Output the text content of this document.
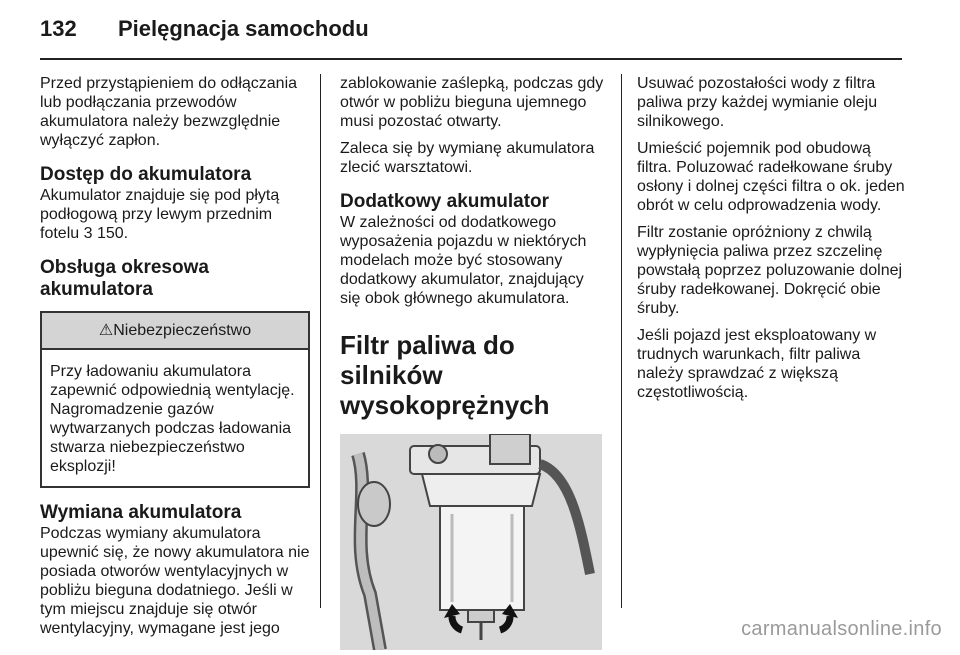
132 Pielęgnacja samochodu

Przed przystąpieniem do odłączania lub podłączania przewodów akumulatora należy bezwzględnie wyłączyć zapłon.

Dostęp do akumulatora

Akumulator znajduje się pod płytą podłogową przy lewym przednim fotelu 3 150.

Obsługa okresowa akumulatora
⚠Niebezpieczeństwo
Przy ładowaniu akumulatora zapewnić odpowiednią wentylację. Nagromadzenie gazów wytwarzanych podczas ładowania stwarza niebezpieczeństwo eksplozji!
Wymiana akumulatora

Podczas wymiany akumulatora upewnić się, że nowy akumulatora nie posiada otworów wentylacyjnych w pobliżu bieguna dodatniego. Jeśli w tym miejscu znajduje się otwór wentylacyjny, wymagane jest jego

zablokowanie zaślepką, podczas gdy otwór w pobliżu bieguna ujemnego musi pozostać otwarty.

Zaleca się by wymianę akumulatora zlecić warsztatowi.

Dodatkowy akumulator

W zależności od dodatkowego wyposażenia pojazdu w niektórych modelach może być stosowany dodatkowy akumulator, znajdujący się obok głównego akumulatora.

Filtr paliwa do silników wysokoprężnych

Usuwać pozostałości wody z filtra paliwa przy każdej wymianie oleju silnikowego.

Umieścić pojemnik pod obudową filtra. Poluzować radełkowane śruby osłony i dolnej części filtra o ok. jeden obrót w celu odprowadzenia wody.

Filtr zostanie opróżniony z chwilą wypłynięcia paliwa przez szczelinę powstałą poprzez poluzowanie dolnej śruby radełkowanej. Dokręcić obie śruby.

Jeśli pojazd jest eksploatowany w trudnych warunkach, filtr paliwa należy sprawdzać z większą częstotliwością.

carmanualsonline.info
